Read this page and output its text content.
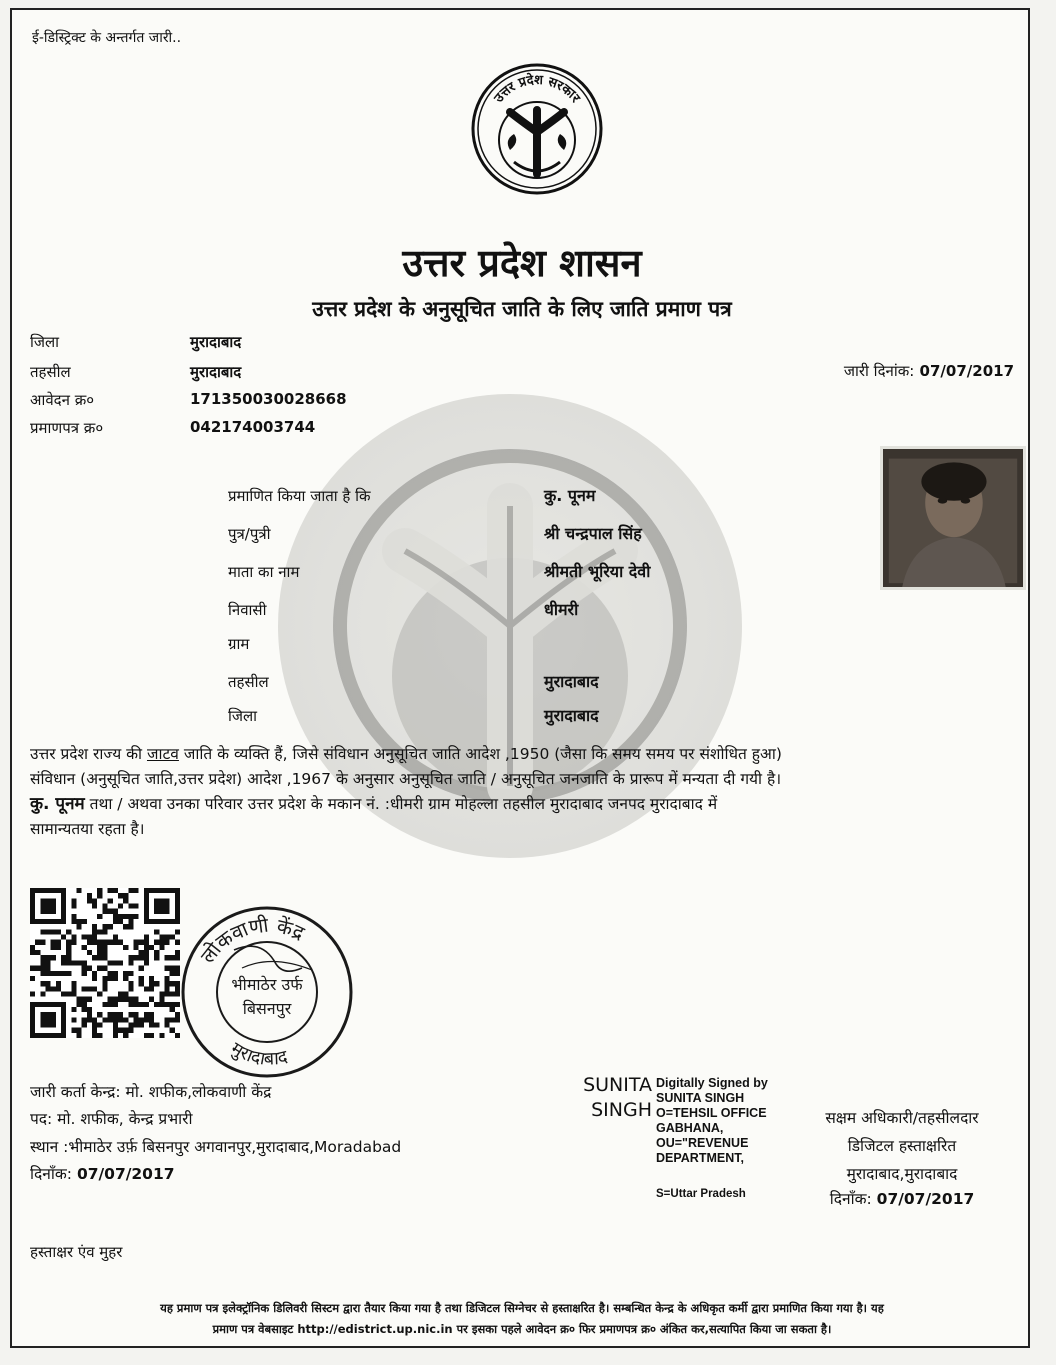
ई-डिस्ट्रिक्ट के अन्तर्गत जारी..
उत्तर प्रदेश सरकार
उत्तर प्रदेश शासन
उत्तर प्रदेश के अनुसूचित जाति के लिए जाति प्रमाण पत्र
जिला	मुरादाबाद
तहसील	मुरादाबाद
आवेदन क्र०	171350030028668
प्रमाणपत्र क्र०	042174003744
जारी दिनांक: 07/07/2017
प्रमाणित किया जाता है कि	कु. पूनम
पुत्र/पुत्री	श्री चन्द्रपाल सिंह
माता का नाम	श्रीमती भूरिया देवी
निवासी	धीमरी
ग्राम
तहसील	मुरादाबाद
जिला	मुरादाबाद

उत्तर प्रदेश राज्य की जाटव जाति के व्यक्ति हैं, जिसे संविधान अनुसूचित जाति आदेश ,1950 (जैसा कि समय समय पर संशोधित हुआ)

संविधान (अनुसूचित जाति,उत्तर प्रदेश) आदेश ,1967 के अनुसार अनुसूचित जाति / अनुसूचित जनजाति के प्रारूप में मन्यता दी गयी है।

कु. पूनम तथा / अथवा उनका परिवार उत्तर प्रदेश के मकान नं. :धीमरी ग्राम मोहल्ला तहसील मुरादाबाद जनपद मुरादाबाद में

सामान्यतया रहता है।

लोकवाणी केंद्र
मुरादाबाद
भीमाठेर उर्फ
बिसनपुर
जारी कर्ता केन्द्र: मो. शफीक,लोकवाणी केंद्र
पद: मो. शफीक, केन्द्र प्रभारी
स्थान :भीमाठेर उर्फ़ बिसनपुर अगवानपुर,मुरादाबाद,Moradabad
दिनाँक: 07/07/2017
SUNITA
SINGH
Digitally Signed by
SUNITA SINGH
O=TEHSIL OFFICE
GABHANA,
OU="REVENUE
DEPARTMENT,
S=Uttar Pradesh
सक्षम अधिकारी/तहसीलदार
डिजिटल हस्ताक्षरित
मुरादाबाद,मुरादाबाद
दिनाँक: 07/07/2017
हस्ताक्षर एंव मुहर
यह प्रमाण पत्र इलेक्ट्रॉनिक डिलिवरी सिस्टम द्वारा तैयार किया गया है तथा डिजिटल सिग्नेचर से हस्ताक्षरित है। सम्बन्धित केन्द्र के अधिकृत कर्मी द्वारा प्रमाणित किया गया है। यह
प्रमाण पत्र वेबसाइट http://edistrict.up.nic.in पर इसका पहले आवेदन क्र० फिर प्रमाणपत्र क्र० अंकित कर,सत्यापित किया जा सकता है।
